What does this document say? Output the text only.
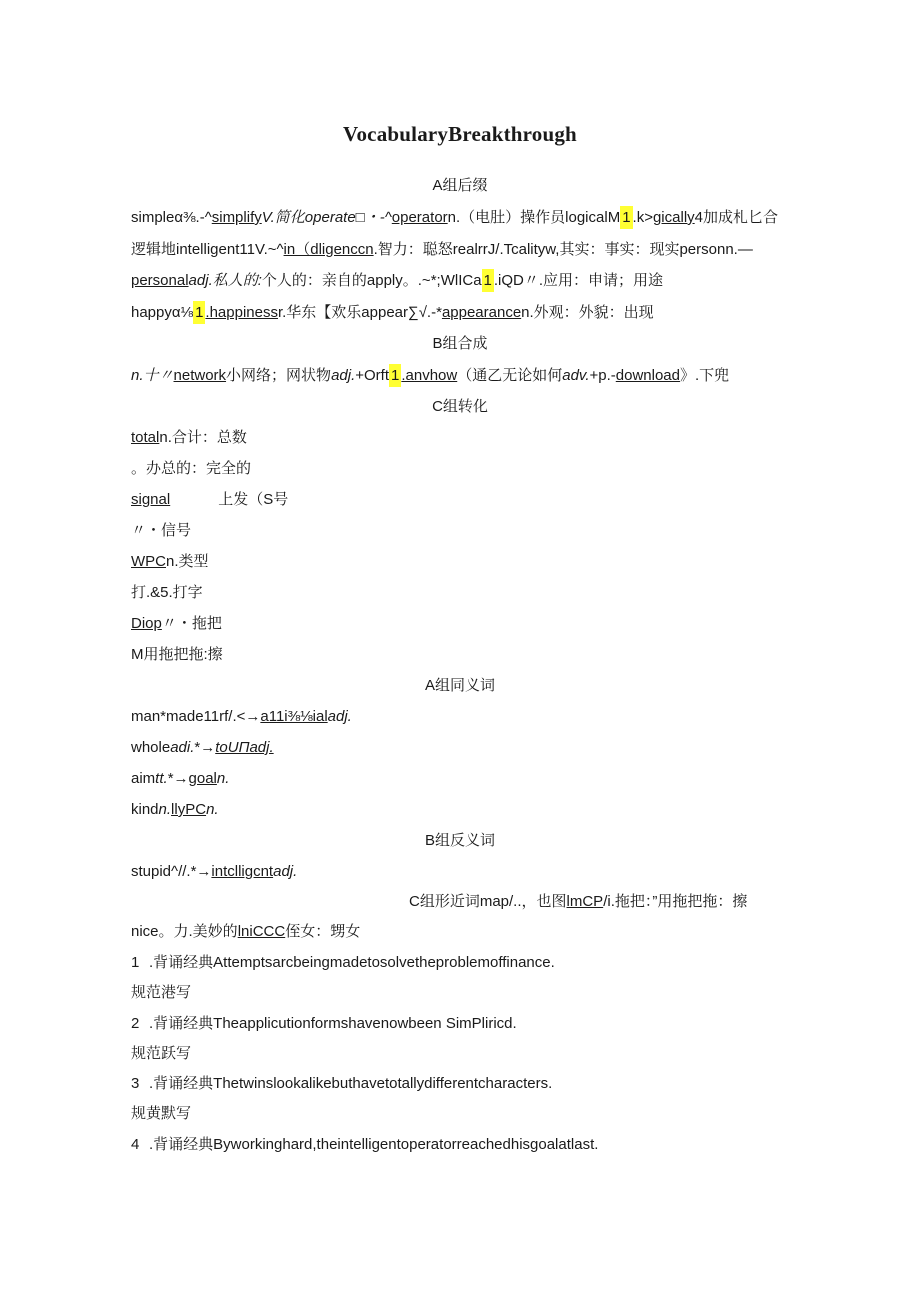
VocabularyBreakthrough
A组后缀
simpleα⅜.-^simplifyV.简化operate□・-^operatorn.（电肚）操作员logicalM 1 .k>gically4加成札匕合
逻辑地intelligent11V.~^in（dligenccn.智力：聪怒realrrJ/.Tcalityw,其实：事实：现实personn.—
personaladj.私人的:个人的：亲自的apply。.~*;WlICa 1 .iQD〃.应用：申请；用途
happyα⅛ 1 .happinessr.华东【欢乐appear∑√.-*appearancen.外观：外貌：出现
B组合成
n.十〃network小网络；网状物adj.+Orft 1 .anvhow（通乙无论如何adv.+p.-download》.下兜
C组转化
totaln.合计：总数
。办总的：完全的
signal	上发（S号
〃・信号
WPCn.类型
打.&5.打字
Diop〃・拖把
M用拖把拖:擦
A组同义词
man*made11rf/.<→a11i⅜⅛ialadj.
wholeadi.*→toUΠadj.
aimtt.*→goaln.
kindn.llyPCn.
B组反义词
stupid^//.*→intclligcntadj.
C组形近词map/..，也图lmCP/i.拖把：”用拖把拖：擦
nice。力.美妙的lniCCC侄女：甥女
1 .背诵经典Attemptsarcbeingmadetosolvetheproblemoffinance.
规范港写
2 .背诵经典Theapplicutionformshavenowbeen SimPliricd.
规范跃写
3 .背诵经典Thetwinslookalikebuthavetotallydifferentcharacters.
规黄默写
4 .背诵经典Byworkinghard,theintelligentoperatorreachedhisgoalatlast.
